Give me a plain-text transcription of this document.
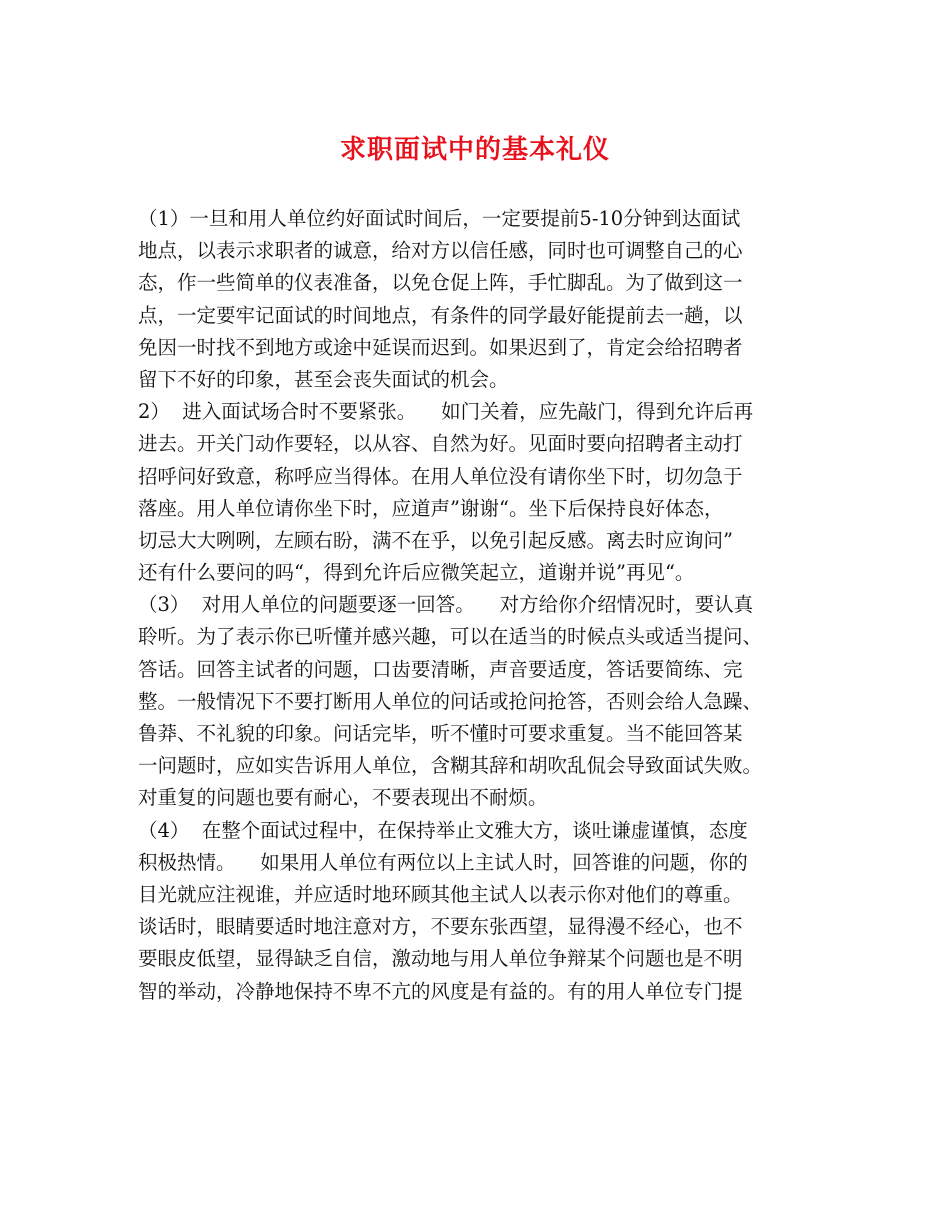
求职面试中的基本礼仪
（1）一旦和用人单位约好面试时间后，一定要提前5-10分钟到达面试
地点，以表示求职者的诚意，给对方以信任感，同时也可调整自己的心
态，作一些简单的仪表准备，以免仓促上阵，手忙脚乱。为了做到这一
点，一定要牢记面试的时间地点，有条件的同学最好能提前去一趟，以
免因一时找不到地方或途中延误而迟到。如果迟到了，肯定会给招聘者
留下不好的印象，甚至会丧失面试的机会。
2）  进入面试场合时不要紧张。    如门关着，应先敲门，得到允许后再
进去。开关门动作要轻，以从容、自然为好。见面时要向招聘者主动打
招呼问好致意，称呼应当得体。在用人单位没有请你坐下时，切勿急于
落座。用人单位请你坐下时，应道声”谢谢“。坐下后保持良好体态，
切忌大大咧咧，左顾右盼，满不在乎，以免引起反感。离去时应询问”
还有什么要问的吗“，得到允许后应微笑起立，道谢并说”再见“。
（3）  对用人单位的问题要逐一回答。    对方给你介绍情况时，要认真
聆听。为了表示你已听懂并感兴趣，可以在适当的时候点头或适当提问、
答话。回答主试者的问题，口齿要清晰，声音要适度，答话要简练、完
整。一般情况下不要打断用人单位的问话或抢问抢答，否则会给人急躁、
鲁莽、不礼貌的印象。问话完毕，听不懂时可要求重复。当不能回答某
一问题时，应如实告诉用人单位，含糊其辞和胡吹乱侃会导致面试失败。
对重复的问题也要有耐心，不要表现出不耐烦。
（4）  在整个面试过程中，在保持举止文雅大方，谈吐谦虚谨慎，态度
积极热情。    如果用人单位有两位以上主试人时，回答谁的问题，你的
目光就应注视谁，并应适时地环顾其他主试人以表示你对他们的尊重。
谈话时，眼睛要适时地注意对方，不要东张西望，显得漫不经心，也不
要眼皮低望，显得缺乏自信，激动地与用人单位争辩某个问题也是不明
智的举动，冷静地保持不卑不亢的风度是有益的。有的用人单位专门提
